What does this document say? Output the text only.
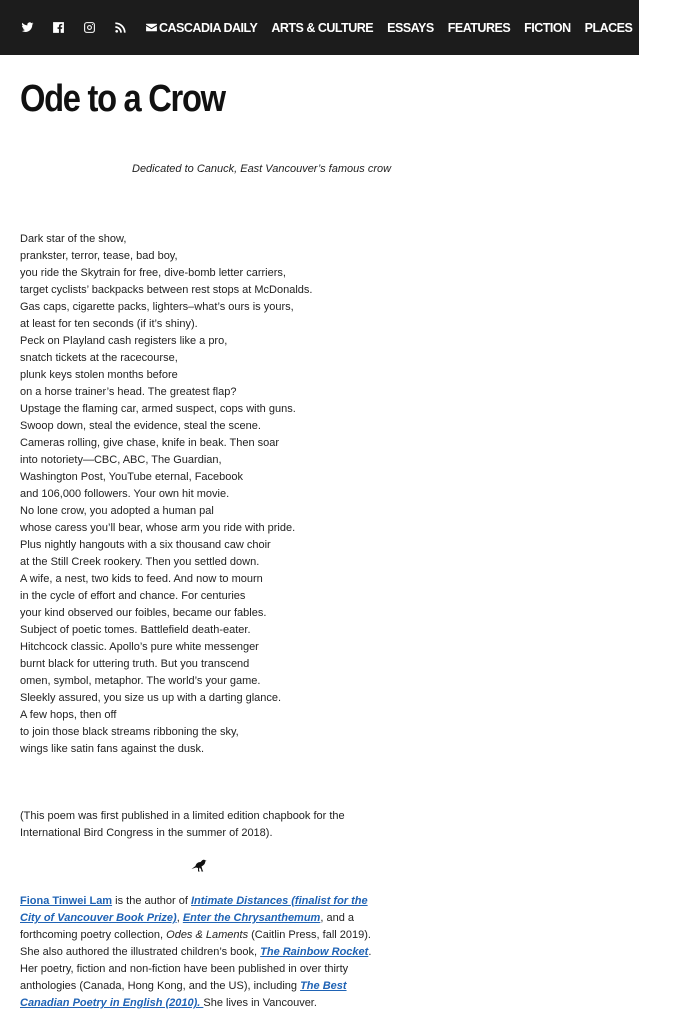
CASCADIA DAILY ARTS & CULTURE ESSAYS FEATURES FICTION PLACES POETRY
Ode to a Crow
Dedicated to Canuck, East Vancouver’s famous crow
Dark star of the show,
prankster, terror, tease, bad boy,
you ride the Skytrain for free, dive-bomb letter carriers,
target cyclists’ backpacks between rest stops at McDonalds.
Gas caps, cigarette packs, lighters–what’s ours is yours,
at least for ten seconds (if it’s shiny).
Peck on Playland cash registers like a pro,
snatch tickets at the racecourse,
plunk keys stolen months before
on a horse trainer’s head. The greatest flap?
Upstage the flaming car, armed suspect, cops with guns.
Swoop down, steal the evidence, steal the scene.
Cameras rolling, give chase, knife in beak. Then soar
into notoriety—CBC, ABC, The Guardian,
Washington Post, YouTube eternal, Facebook
and 106,000 followers. Your own hit movie.
No lone crow, you adopted a human pal
whose caress you’ll bear, whose arm you ride with pride.
Plus nightly hangouts with a six thousand caw choir
at the Still Creek rookery. Then you settled down.
A wife, a nest, two kids to feed. And now to mourn
in the cycle of effort and chance. For centuries
your kind observed our foibles, became our fables.
Subject of poetic tomes. Battlefield death-eater.
Hitchcock classic. Apollo’s pure white messenger
burnt black for uttering truth. But you transcend
omen, symbol, metaphor. The world’s your game.
Sleekly assured, you size us up with a darting glance.
A few hops, then off
to join those black streams ribboning the sky,
wings like satin fans against the dusk.
(This poem was first published in a limited edition chapbook for the International Bird Congress in the summer of 2018).
Fiona Tinwei Lam is the author of Intimate Distances (finalist for the City of Vancouver Book Prize), Enter the Chrysanthemum, and a forthcoming poetry collection, Odes & Laments (Caitlin Press, fall 2019). She also authored the illustrated children’s book, The Rainbow Rocket. Her poetry, fiction and non-fiction have been published in over thirty anthologies (Canada, Hong Kong, and the US), including The Best Canadian Poetry in English (2010). She lives in Vancouver.
